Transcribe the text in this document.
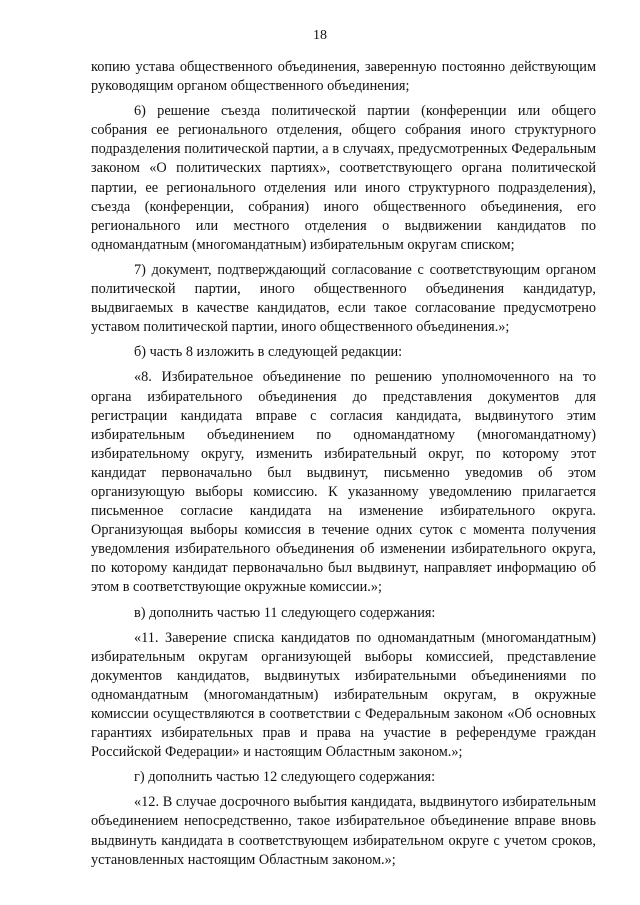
18

копию устава общественного объединения, заверенную постоянно действующим руководящим органом общественного объединения;

6) решение съезда политической партии (конференции или общего собрания ее регионального отделения, общего собрания иного структурного подразделения политической партии, а в случаях, предусмотренных Федеральным законом «О политических партиях», соответствующего органа политической партии, ее регионального отделения или иного структурного подразделения), съезда (конференции, собрания) иного общественного объединения, его регионального или местного отделения о выдвижении кандидатов по одномандатным (многомандатным) избирательным округам списком;

7) документ, подтверждающий согласование с соответствующим органом политической партии, иного общественного объединения кандидатур, выдвигаемых в качестве кандидатов, если такое согласование предусмотрено уставом политической партии, иного общественного объединения.»;

б) часть 8 изложить в следующей редакции:

«8. Избирательное объединение по решению уполномоченного на то органа избирательного объединения до представления документов для регистрации кандидата вправе с согласия кандидата, выдвинутого этим избирательным объединением по одномандатному (многомандатному) избирательному округу, изменить избирательный округ, по которому этот кандидат первоначально был выдвинут, письменно уведомив об этом организующую выборы комиссию. К указанному уведомлению прилагается письменное согласие кандидата на изменение избирательного округа. Организующая выборы комиссия в течение одних суток с момента получения уведомления избирательного объединения об изменении избирательного округа, по которому кандидат первоначально был выдвинут, направляет информацию об этом в соответствующие окружные комиссии.»;

в) дополнить частью 11 следующего содержания:

«11. Заверение списка кандидатов по одномандатным (многомандатным) избирательным округам организующей выборы комиссией, представление документов кандидатов, выдвинутых избирательными объединениями по одномандатным (многомандатным) избирательным округам, в окружные комиссии осуществляются в соответствии с Федеральным законом «Об основных гарантиях избирательных прав и права на участие в референдуме граждан Российской Федерации» и настоящим Областным законом.»;

г) дополнить частью 12 следующего содержания:

«12. В случае досрочного выбытия кандидата, выдвинутого избирательным объединением непосредственно, такое избирательное объединение вправе вновь выдвинуть кандидата в соответствующем избирательном округе с учетом сроков, установленных настоящим Областным законом.»;
